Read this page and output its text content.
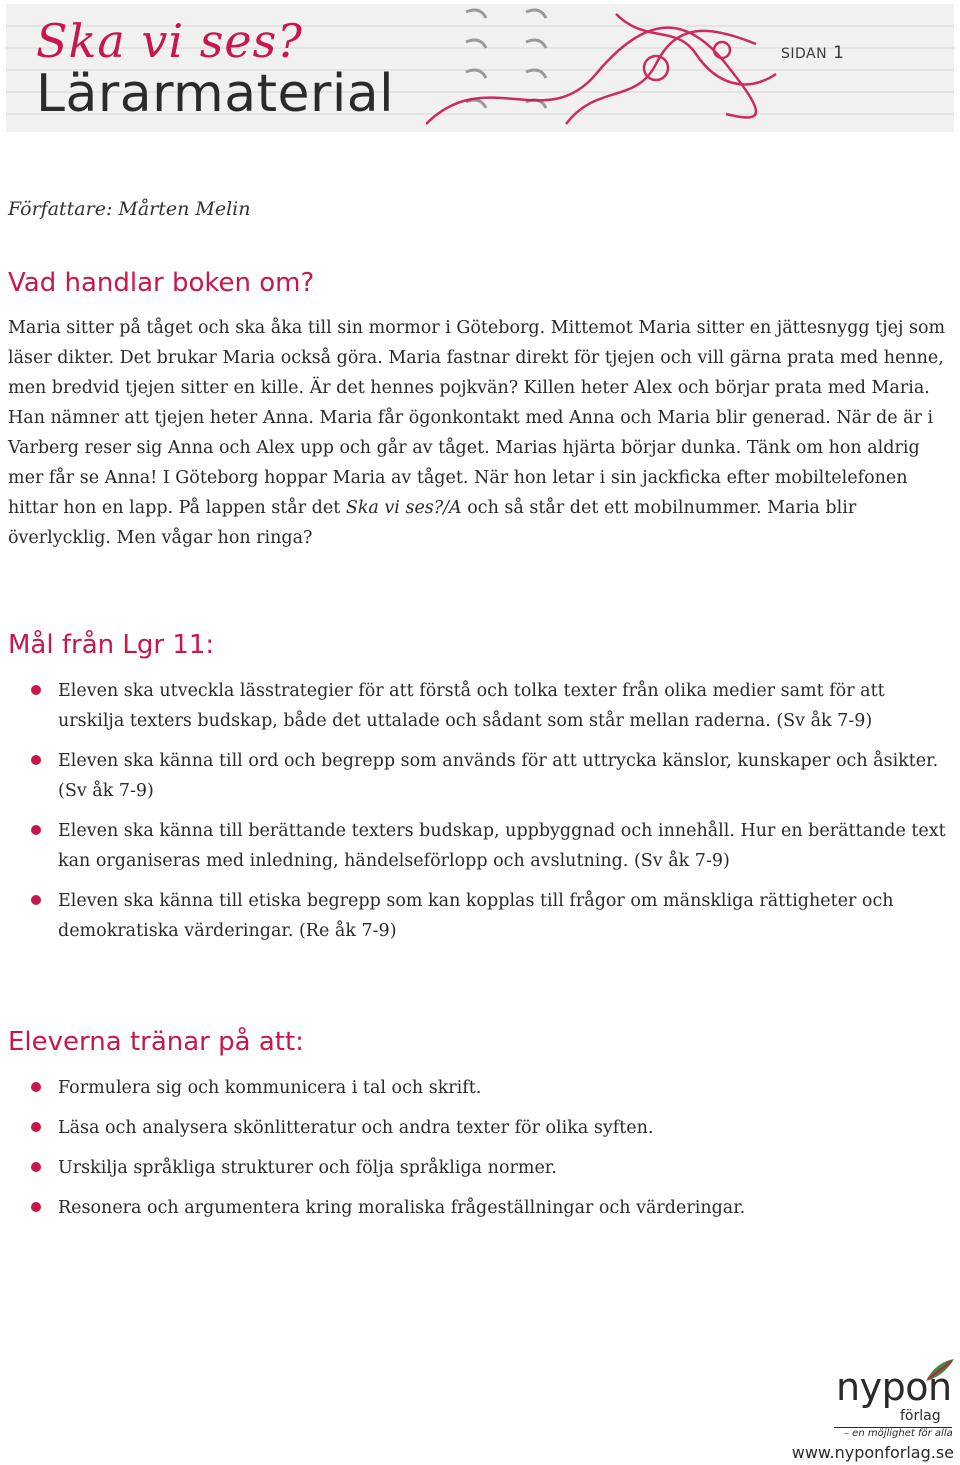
Ska vi ses?
Lärarmaterial
SIDAN 1
Författare: Mårten Melin
Vad handlar boken om?

Maria sitter på tåget och ska åka till sin mormor i Göteborg. Mittemot Maria sitter en jättesnygg tjej som läser dikter. Det brukar Maria också göra. Maria fastnar direkt för tjejen och vill gärna prata med henne, men bredvid tjejen sitter en kille. Är det hennes pojkvän? Killen heter Alex och börjar prata med Maria. Han nämner att tjejen heter Anna. Maria får ögonkontakt med Anna och Maria blir generad. När de är i Varberg reser sig Anna och Alex upp och går av tåget. Marias hjärta börjar dunka. Tänk om hon aldrig mer får se Anna! I Göteborg hoppar Maria av tåget. När hon letar i sin jackficka efter mobiltelefonen hittar hon en lapp. På lappen står det Ska vi ses?/A och så står det ett mobilnummer. Maria blir överlycklig. Men vågar hon ringa?

Mål från Lgr 11:
Eleven ska utveckla lässtrategier för att förstå och tolka texter från olika medier samt för att urskilja texters budskap, både det uttalade och sådant som står mellan raderna. (Sv åk 7-9)
Eleven ska känna till ord och begrepp som används för att uttrycka känslor, kunskaper och åsikter. (Sv åk 7-9)
Eleven ska känna till berättande texters budskap, uppbyggnad och innehåll. Hur en berättande text kan organiseras med inledning, händelseförlopp och avslutning. (Sv åk 7-9)
Eleven ska känna till etiska begrepp som kan kopplas till frågor om mänskliga rättigheter och demokratiska värderingar. (Re åk 7-9)
Eleverna tränar på att:
Formulera sig och kommunicera i tal och skrift.
Läsa och analysera skönlitteratur och andra texter för olika syften.
Urskilja språkliga strukturer och följa språkliga normer.
Resonera och argumentera kring moraliska frågeställningar och värderingar.
nypon
förlag
– en möjlighet för alla
www.nyponforlag.se
